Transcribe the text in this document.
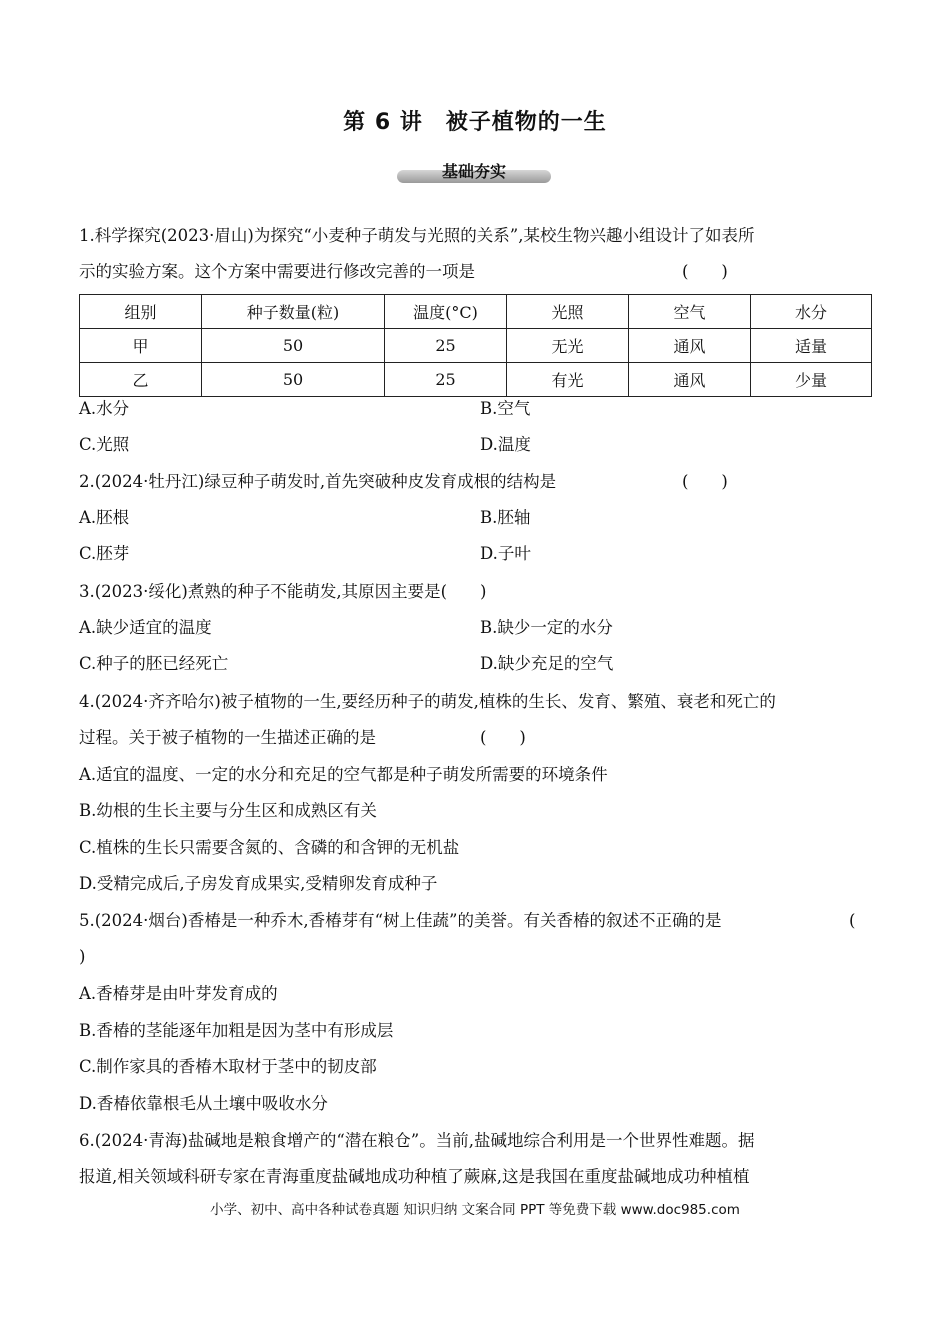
第 6 讲　被子植物的一生
基础夯实
1.科学探究(2023·眉山)为探究“小麦种子萌发与光照的关系”,某校生物兴趣小组设计了如表所
示的实验方案。这个方案中需要进行修改完善的一项是	(　　)
组别	种子数量(粒)	温度(°C)	光照	空气	水分
甲	50	25	无光	通风	适量
乙	50	25	有光	通风	少量
A.水分	B.空气
C.光照	D.温度
2.(2024·牡丹江)绿豆种子萌发时,首先突破种皮发育成根的结构是	(　　)
A.胚根	B.胚轴
C.胚芽	D.子叶
3.(2023·绥化)煮熟的种子不能萌发,其原因主要是(　　)
A.缺少适宜的温度	B.缺少一定的水分
C.种子的胚已经死亡	D.缺少充足的空气
4.(2024·齐齐哈尔)被子植物的一生,要经历种子的萌发,植株的生长、发育、繁殖、衰老和死亡的
过程。关于被子植物的一生描述正确的是	(　　)
A.适宜的温度、一定的水分和充足的空气都是种子萌发所需要的环境条件
B.幼根的生长主要与分生区和成熟区有关
C.植株的生长只需要含氮的、含磷的和含钾的无机盐
D.受精完成后,子房发育成果实,受精卵发育成种子
5.(2024·烟台)香椿是一种乔木,香椿芽有“树上佳蔬”的美誉。有关香椿的叙述不正确的是	(
)
A.香椿芽是由叶芽发育成的
B.香椿的茎能逐年加粗是因为茎中有形成层
C.制作家具的香椿木取材于茎中的韧皮部
D.香椿依靠根毛从土壤中吸收水分
6.(2024·青海)盐碱地是粮食增产的“潜在粮仓”。当前,盐碱地综合利用是一个世界性难题。据
报道,相关领域科研专家在青海重度盐碱地成功种植了蕨麻,这是我国在重度盐碱地成功种植植
小学、初中、高中各种试卷真题 知识归纳 文案合同 PPT 等免费下载 www.doc985.com
